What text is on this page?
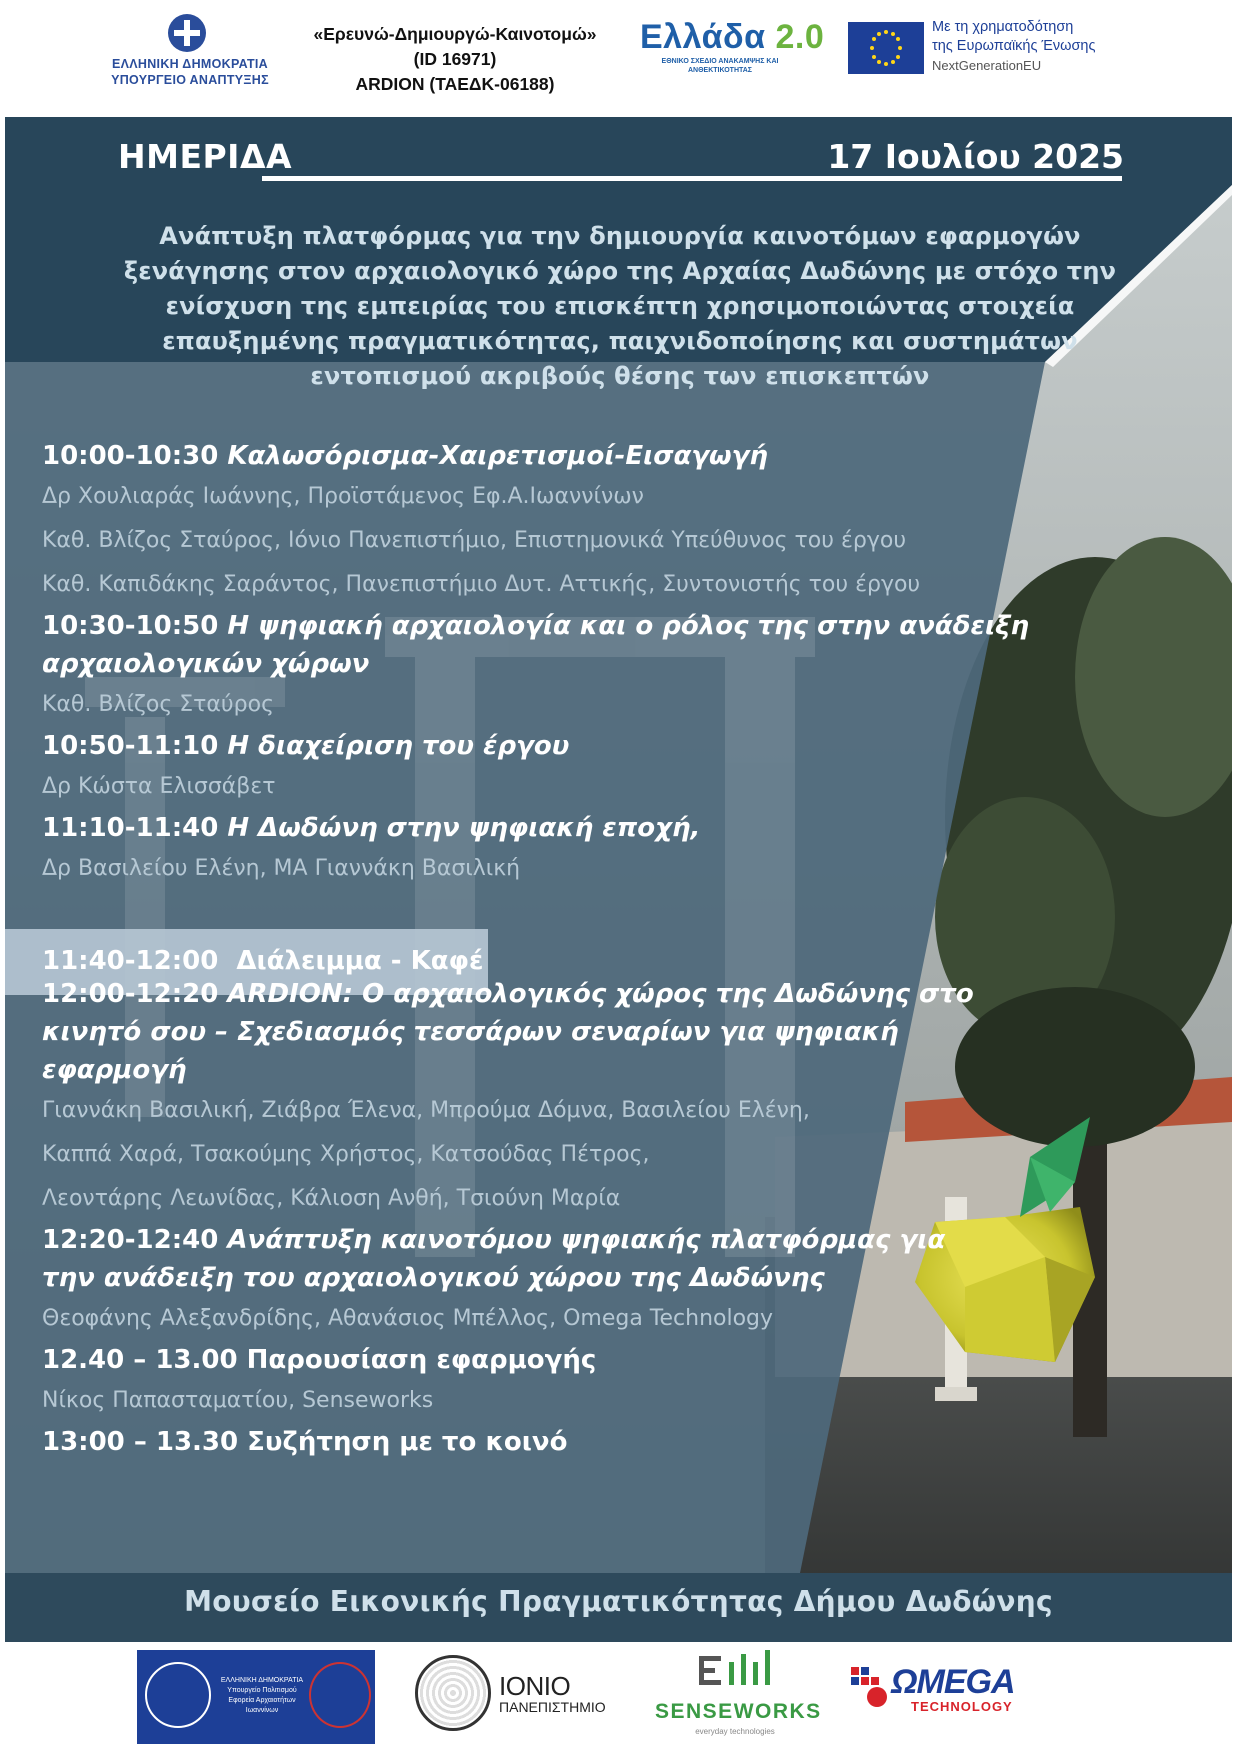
ΕΛΛΗΝΙΚΗ ΔΗΜΟΚΡΑΤΙΑ
ΥΠΟΥΡΓΕΙΟ ΑΝΑΠΤΥΞΗΣ
«Ερευνώ-Δημιουργώ-Καινοτομώ»
(ID 16971)
ARDION (ΤΑΕΔΚ-06188)
Ελλάδα 2.0
ΕΘΝΙΚΟ ΣΧΕΔΙΟ ΑΝΑΚΑΜΨΗΣ ΚΑΙ ΑΝΘΕΚΤΙΚΟΤΗΤΑΣ
Με τη χρηματοδότηση
της Ευρωπαϊκής Ένωσης
NextGenerationEU
ΗΜΕΡΙΔΑ	17 Ιουλίου 2025
Ανάπτυξη πλατφόρμας για την δημιουργία καινοτόμων εφαρμογών
ξενάγησης στον αρχαιολογικό χώρο της Αρχαίας Δωδώνης με στόχο την
ενίσχυση της εμπειρίας του επισκέπτη χρησιμοποιώντας στοιχεία
επαυξημένης πραγματικότητας, παιχνιδοποίησης και συστημάτων
εντοπισμού ακριβούς θέσης των επισκεπτών
11:40-12:00 Διάλειμμα - Καφέ
10:00-10:30 Καλωσόρισμα-Χαιρετισμοί-Εισαγωγή
Δρ Χουλιαράς Ιωάννης, Προϊστάμενος Εφ.Α.Ιωαννίνων
Καθ. Βλίζος Σταύρος, Ιόνιο Πανεπιστήμιο, Επιστημονικά Υπεύθυνος του έργου
Καθ. Καπιδάκης Σαράντος, Πανεπιστήμιο Δυτ. Αττικής, Συντονιστής του έργου
10:30-10:50 Η ψηφιακή αρχαιολογία και ο ρόλος της στην ανάδειξη
αρχαιολογικών χώρων
Καθ. Βλίζος Σταύρος
10:50-11:10 Η διαχείριση του έργου
Δρ Κώστα Ελισσάβετ
11:10-11:40 Η Δωδώνη στην ψηφιακή εποχή,
Δρ Βασιλείου Ελένη, ΜΑ Γιαννάκη Βασιλική
12:00-12:20 ARDION: Ο αρχαιολογικός χώρος της Δωδώνης στο
κινητό σου – Σχεδιασμός τεσσάρων σεναρίων για ψηφιακή
εφαρμογή
Γιαννάκη Βασιλική, Ζιάβρα Έλενα, Μπρούμα Δόμνα, Βασιλείου Ελένη,
Καππά Χαρά, Τσακούμης Χρήστος, Κατσούδας Πέτρος,
Λεοντάρης Λεωνίδας, Κάλιοση Ανθή, Τσιούνη Μαρία
12:20-12:40 Ανάπτυξη καινοτόμου ψηφιακής πλατφόρμας για
την ανάδειξη του αρχαιολογικού χώρου της Δωδώνης
Θεοφάνης Αλεξανδρίδης, Αθανάσιος Μπέλλος, Omega Technology
12.40 – 13.00 Παρουσίαση εφαρμογής
Νίκος Παπασταματίου, Senseworks
13:00 – 13.30 Συζήτηση με το κοινό
Μουσείο Εικονικής Πραγματικότητας Δήμου Δωδώνης
ΕΛΛΗΝΙΚΗ ΔΗΜΟΚΡΑΤΙΑ
Υπουργείο Πολιτισμού
Εφορεία Αρχαιοτήτων Ιωαννίνων
ΙΟΝΙΟ
ΠΑΝΕΠΙΣΤΗΜΙΟ SENSEWORKS
everyday technologies
ΩMEGA
TECHNOLOGY
